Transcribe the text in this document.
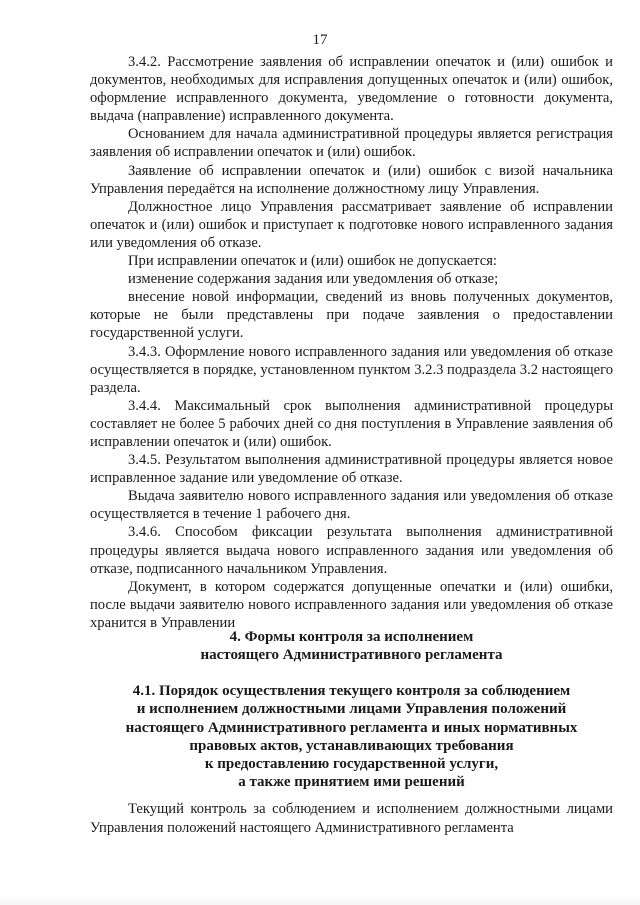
17

3.4.2. Рассмотрение заявления об исправлении опечаток и (или) ошибок и документов, необходимых для исправления допущенных опечаток и (или) ошибок, оформление исправленного документа, уведомление о готовности документа, выдача (направление) исправленного документа.

Основанием для начала административной процедуры является регистрация заявления об исправлении опечаток и (или) ошибок.

Заявление об исправлении опечаток и (или) ошибок с визой начальника Управления передаётся на исполнение должностному лицу Управления.

Должностное лицо Управления рассматривает заявление об исправлении опечаток и (или) ошибок и приступает к подготовке нового исправленного задания или уведомления об отказе.

При исправлении опечаток и (или) ошибок не допускается:

изменение содержания задания или уведомления об отказе;

внесение новой информации, сведений из вновь полученных документов, которые не были представлены при подаче заявления о предоставлении государственной услуги.

3.4.3. Оформление нового исправленного задания или уведомления об отказе осуществляется в порядке, установленном пунктом 3.2.3 подраздела 3.2 настоящего раздела.

3.4.4. Максимальный срок выполнения административной процедуры составляет не более 5 рабочих дней со дня поступления в Управление заявления об исправлении опечаток и (или) ошибок.

3.4.5. Результатом выполнения административной процедуры является новое исправленное задание или уведомление об отказе.

Выдача заявителю нового исправленного задания или уведомления об отказе осуществляется в течение 1 рабочего дня.

3.4.6. Способом фиксации результата выполнения административной процедуры является выдача нового исправленного задания или уведомления об отказе, подписанного начальником Управления.

Документ, в котором содержатся допущенные опечатки и (или) ошибки, после выдачи заявителю нового исправленного задания или уведомления об отказе хранится в Управлении

4. Формы контроля за исполнением

настоящего Административного регламента

4.1. Порядок осуществления текущего контроля за соблюдением

и исполнением должностными лицами Управления положений

настоящего Административного регламента и иных нормативных

правовых актов, устанавливающих требования

к предоставлению государственной услуги,

а также принятием ими решений

Текущий контроль за соблюдением и исполнением должностными лицами Управления положений настоящего Административного регламента
